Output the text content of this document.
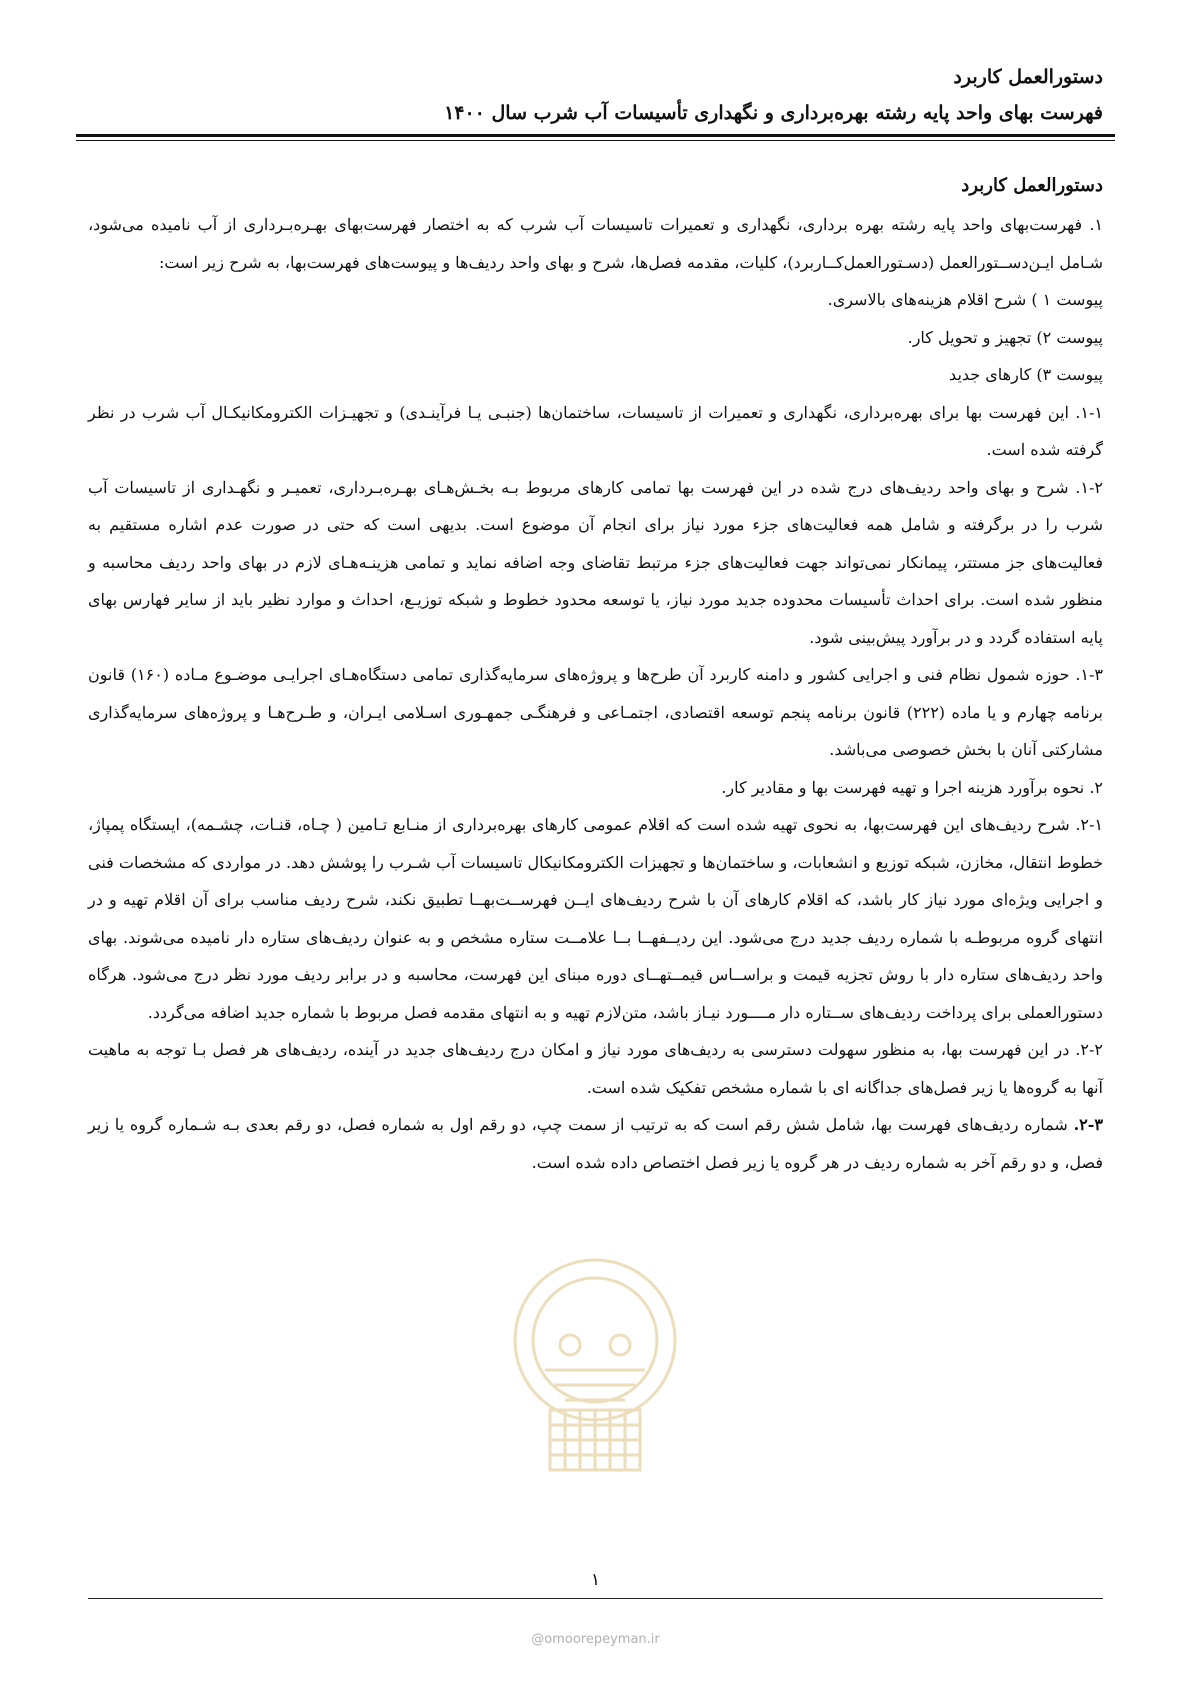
دستورالعمل کاربرد
فهرست بهای واحد پایه رشته بهره‌برداری و نگهداری تأسیسات آب شرب سال ۱۴۰۰
دستورالعمل کاربرد

۱. فهرست‌بهای واحد پایه رشته بهره برداری، نگهداری و تعمیرات تاسیسات آب شرب که به اختصار فهرست‌بهای بهـره‌بـرداری از آب نامیده می‌شود، شـامل ایـن‌دســتورالعمل (دسـتورالعمل‌کــاربرد)، کلیات، مقدمه فصل‌ها، شرح و بهای واحد ردیف‌ها و پیوست‌های فهرست‌بها، به شرح زیر است:

پیوست ۱ ) شرح اقلام هزینه‌های بالاسری.

پیوست ۲) تجهیز و تحویل کار.

پیوست ۳) کارهای جدید

۱-۱. این فهرست بها برای بهره‌برداری، نگهداری و تعمیرات از تاسیسات، ساختمان‌ها (جنبـی یـا فرآینـدی) و تجهیـزات الکترومکانیکـال آب شرب در نظر گرفته شده است.

۱-۲. شرح و بهای واحد ردیف‌های درج شده در این فهرست بها تمامی کارهای مربوط بـه بخـش‌هـای بهـره‌بـرداری، تعمیـر و نگهـداری از تاسیسات آب شرب را در برگرفته و شامل همه فعالیت‌های جزء مورد نیاز برای انجام آن موضوع است. بدیهی است که حتی در صورت عدم اشاره مستقیم به فعالیت‌های جز مستتر، پیمانکار نمی‌تواند جهت فعالیت‌های جزء مرتبط تقاضای وجه اضافه نماید و تمامی هزینـه‌هـای لازم در بهای واحد ردیف محاسبه و منظور شده است. برای احداث تأسیسات محدوده جدید مورد نیاز، یا توسعه محدود خطوط و شبکه توزیـع، احداث و موارد نظیر باید از سایر فهارس بهای پایه استفاده گردد و در برآورد پیش‌بینی شود.

۱-۳. حوزه شمول نظام فنی و اجرایی کشور و دامنه کاربرد آن طرح‌ها و پروژه‌های سرمایه‌گذاری تمامی دستگاه‌هـای اجرایـی موضـوع مـاده (۱۶۰) قانون برنامه چهارم و یا ماده (۲۲۲) قانون برنامه پنجم توسعه اقتصادی، اجتمـاعی و فرهنگـی جمهـوری اسـلامی ایـران، و طـرح‌هـا و پروژه‌های سرمایه‌گذاری مشارکتی آنان با بخش خصوصی می‌باشد.

۲. نحوه برآورد هزینه اجرا و تهیه فهرست بها و مقادیر کار.

۲-۱. شرح ردیف‌های این فهرست‌بها، به نحوی تهیه شده است که اقلام عمومی کارهای بهره‌برداری از منـابع تـامین ( چـاه، قنـات، چشـمه)، ایستگاه پمپاژ، خطوط انتقال، مخازن، شبکه توزیع و انشعابات، و ساختمان‌ها و تجهیزات الکترومکانیکال تاسیسات آب شـرب را پوشش دهد. در مواردی که مشخصات فنی و اجرایی ویژه‌ای مورد نیاز کار باشد، که اقلام کارهای آن با شرح ردیف‌های ایــن فهرســت‌بهــا تطبیق نکند، شرح ردیف مناسب برای آن اقلام تهیه و در انتهای گروه مربوطـه با شماره ردیف جدید درج می‌شود. این ردیــفهــا بــا علامــت ستاره مشخص و به عنوان ردیف‌های ستاره دار نامیده می‌شوند. بهای واحد ردیف‌های ستاره دار با روش تجزیه قیمت و براســاس قیمــتهــای دوره مبنای این فهرست، محاسبه و در برابر ردیف مورد نظر درج می‌شود. هرگاه دستورالعملی برای پرداخت ردیف‌های ســتاره دار مــــورد نیـاز باشد، متن‌لازم تهیه و به انتهای مقدمه فصل مربوط با شماره جدید اضافه می‌گردد.

۲-۲. در این فهرست بها، به منظور سهولت دسترسی به ردیف‌های مورد نیاز و امکان درج ردیف‌های جدید در آینده، ردیف‌های هر فصل بـا توجه به ماهیت آنها به گروه‌ها یا زیر فصل‌های جداگانه ای با شماره مشخص تفکیک شده است.

۲-۳. شماره ردیف‌های فهرست بها، شامل شش رقم است که به ترتیب از سمت چپ، دو رقم اول به شماره فصل، دو رقم بعدی بـه شـماره گروه یا زیر فصل، و دو رقم آخر به شماره ردیف در هر گروه یا زیر فصل اختصاص داده شده است.

۱
@omoorepeyman.ir
